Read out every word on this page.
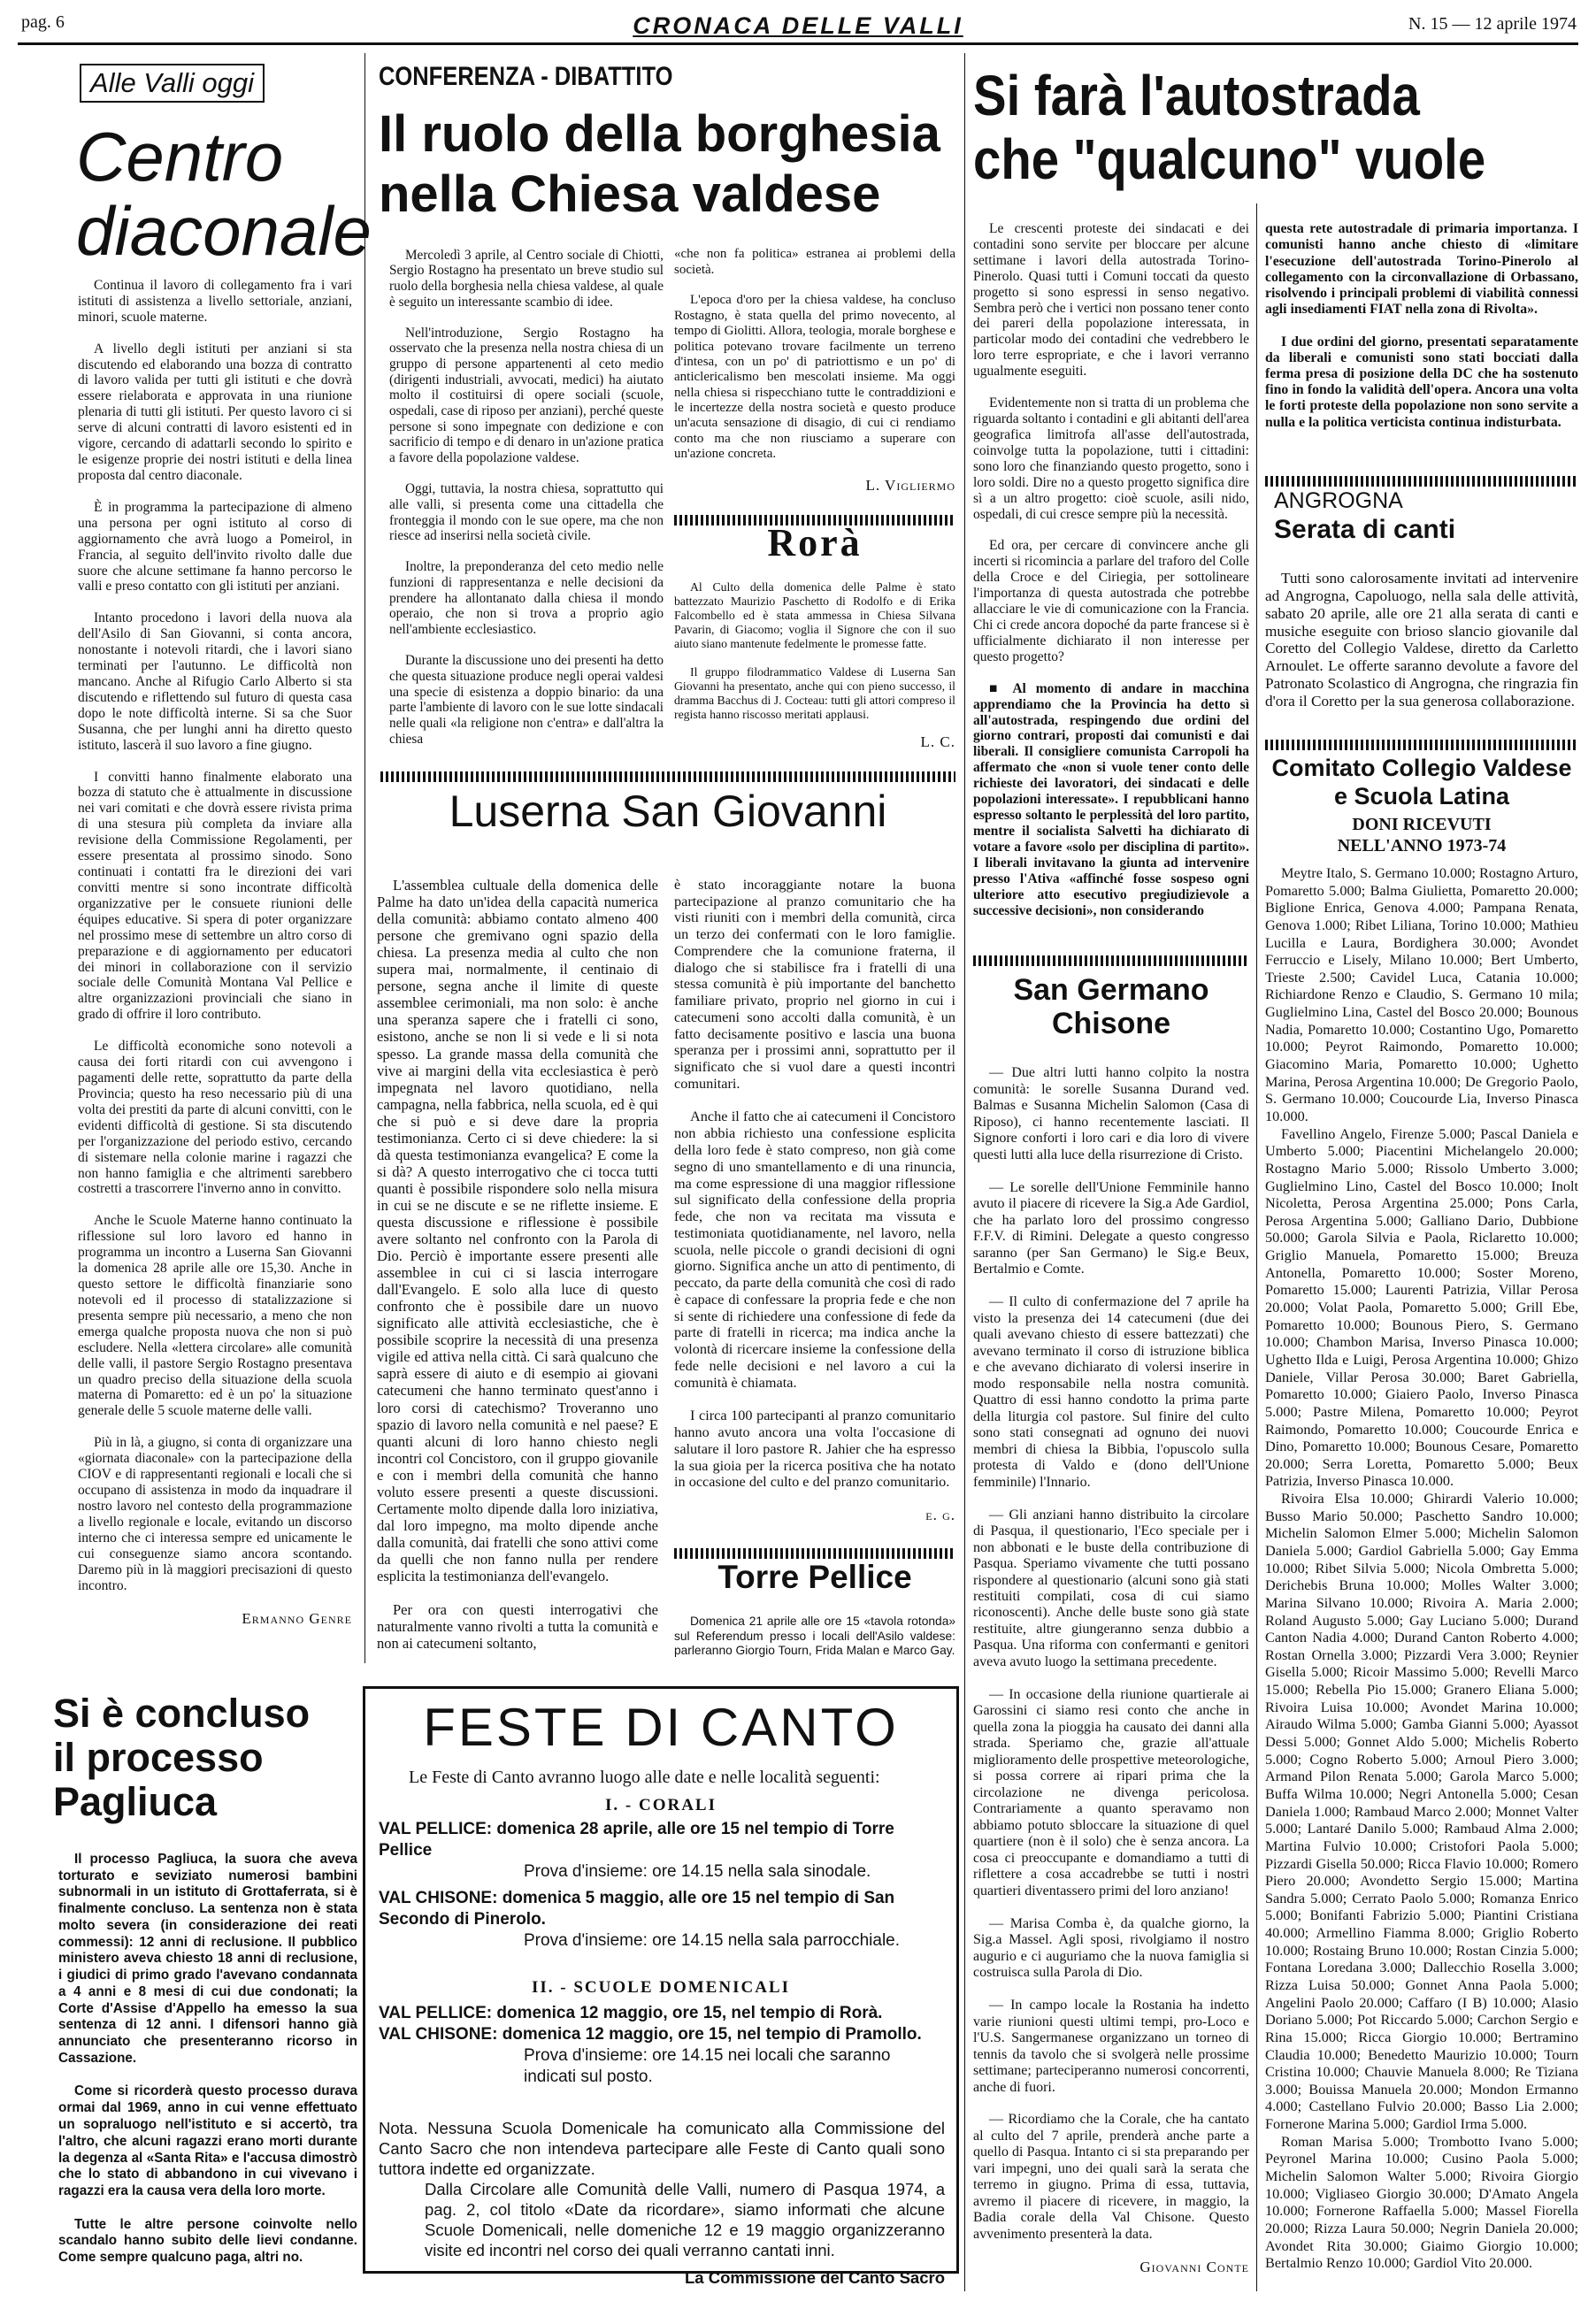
pag. 6	CRONACA DELLE VALLI	N. 15 — 12 aprile 1974
Alle Valli oggi
Centro
diaconale

Continua il lavoro di collegamento fra i vari istituti di assistenza a livello settoriale, anziani, minori, scuole materne.

A livello degli istituti per anziani si sta discutendo ed elaborando una bozza di contratto di lavoro valida per tutti gli istituti e che dovrà essere rielaborata e approvata in una riunione plenaria di tutti gli istituti. Per questo lavoro ci si serve di alcuni contratti di lavoro esistenti ed in vigore, cercando di adattarli secondo lo spirito e le esigenze proprie dei nostri istituti e della linea proposta dal centro diaconale.

È in programma la partecipazione di almeno una persona per ogni istituto al corso di aggiornamento che avrà luogo a Pomeirol, in Francia, al seguito dell'invito rivolto dalle due suore che alcune settimane fa hanno percorso le valli e preso contatto con gli istituti per anziani.

Intanto procedono i lavori della nuova ala dell'Asilo di San Giovanni, si conta ancora, nonostante i notevoli ritardi, che i lavori siano terminati per l'autunno. Le difficoltà non mancano. Anche al Rifugio Carlo Alberto si sta discutendo e riflettendo sul futuro di questa casa dopo le note difficoltà interne. Si sa che Suor Susanna, che per lunghi anni ha diretto questo istituto, lascerà il suo lavoro a fine giugno.

I convitti hanno finalmente elaborato una bozza di statuto che è attualmente in discussione nei vari comitati e che dovrà essere rivista prima di una stesura più completa da inviare alla revisione della Commissione Regolamenti, per essere presentata al prossimo sinodo. Sono continuati i contatti fra le direzioni dei vari convitti mentre si sono incontrate difficoltà organizzative per le consuete riunioni delle équipes educative. Si spera di poter organizzare nel prossimo mese di settembre un altro corso di preparazione e di aggiornamento per educatori dei minori in collaborazione con il servizio sociale delle Comunità Montana Val Pellice e altre organizzazioni provinciali che siano in grado di offrire il loro contributo.

Le difficoltà economiche sono notevoli a causa dei forti ritardi con cui avvengono i pagamenti delle rette, soprattutto da parte della Provincia; questo ha reso necessario più di una volta dei prestiti da parte di alcuni convitti, con le evidenti difficoltà di gestione. Si sta discutendo per l'organizzazione del periodo estivo, cercando di sistemare nella colonie marine i ragazzi che non hanno famiglia e che altrimenti sarebbero costretti a trascorrere l'inverno anno in convitto.

Anche le Scuole Materne hanno continuato la riflessione sul loro lavoro ed hanno in programma un incontro a Luserna San Giovanni la domenica 28 aprile alle ore 15,30. Anche in questo settore le difficoltà finanziarie sono notevoli ed il processo di statalizzazione si presenta sempre più necessario, a meno che non emerga qualche proposta nuova che non si può escludere. Nella «lettera circolare» alle comunità delle valli, il pastore Sergio Rostagno presentava un quadro preciso della situazione della scuola materna di Pomaretto: ed è un po' la situazione generale delle 5 scuole materne delle valli.

Più in là, a giugno, si conta di organizzare una «giornata diaconale» con la partecipazione della CIOV e di rappresentanti regionali e locali che si occupano di assistenza in modo da inquadrare il nostro lavoro nel contesto della programmazione a livello regionale e locale, evitando un discorso interno che ci interessa sempre ed unicamente le cui conseguenze siamo ancora scontando. Daremo più in là maggiori precisazioni di questo incontro.

Ermanno Genre

Si è concluso
il processo
Pagliuca

Il processo Pagliuca, la suora che aveva torturato e seviziato numerosi bambini subnormali in un istituto di Grottaferrata, si è finalmente concluso. La sentenza non è stata molto severa (in considerazione dei reati commessi): 12 anni di reclusione. Il pubblico ministero aveva chiesto 18 anni di reclusione, i giudici di primo grado l'avevano condannata a 4 anni e 8 mesi di cui due condonati; la Corte d'Assise d'Appello ha emesso la sua sentenza di 12 anni. I difensori hanno già annunciato che presenteranno ricorso in Cassazione.

Come si ricorderà questo processo durava ormai dal 1969, anno in cui venne effettuato un sopraluogo nell'istituto e si accertò, tra l'altro, che alcuni ragazzi erano morti durante la degenza al «Santa Rita» e l'accusa dimostrò che lo stato di abbandono in cui vivevano i ragazzi era la causa vera della loro morte.

Tutte le altre persone coinvolte nello scandalo hanno subito delle lievi condanne. Come sempre qualcuno paga, altri no.

CONFERENZA - DIBATTITO
Il ruolo della borghesia
nella Chiesa valdese

Mercoledì 3 aprile, al Centro sociale di Chiotti, Sergio Rostagno ha presentato un breve studio sul ruolo della borghesia nella chiesa valdese, al quale è seguito un interessante scambio di idee.

Nell'introduzione, Sergio Rostagno ha osservato che la presenza nella nostra chiesa di un gruppo di persone appartenenti al ceto medio (dirigenti industriali, avvocati, medici) ha aiutato molto il costituirsi di opere sociali (scuole, ospedali, case di riposo per anziani), perché queste persone si sono impegnate con dedizione e con sacrificio di tempo e di denaro in un'azione pratica a favore della popolazione valdese.

Oggi, tuttavia, la nostra chiesa, soprattutto qui alle valli, si presenta come una cittadella che fronteggia il mondo con le sue opere, ma che non riesce ad inserirsi nella società civile.

Inoltre, la preponderanza del ceto medio nelle funzioni di rappresentanza e nelle decisioni da prendere ha allontanato dalla chiesa il mondo operaio, che non si trova a proprio agio nell'ambiente ecclesiastico.

Durante la discussione uno dei presenti ha detto che questa situazione produce negli operai valdesi una specie di esistenza a doppio binario: da una parte l'ambiente di lavoro con le sue lotte sindacali nelle quali «la religione non c'entra» e dall'altra la chiesa

«che non fa politica» estranea ai problemi della società.

L'epoca d'oro per la chiesa valdese, ha concluso Rostagno, è stata quella del primo novecento, al tempo di Giolitti. Allora, teologia, morale borghese e politica potevano trovare facilmente un terreno d'intesa, con un po' di patriottismo e un po' di anticlericalismo ben mescolati insieme. Ma oggi nella chiesa si rispecchiano tutte le contraddizioni e le incertezze della nostra società e questo produce un'acuta sensazione di disagio, di cui ci rendiamo conto ma che non riusciamo a superare con un'azione concreta.

L. Vigliermo

Rorà

Al Culto della domenica delle Palme è stato battezzato Maurizio Paschetto di Rodolfo e di Erika Falcombello ed è stata ammessa in Chiesa Silvana Pavarin, di Giacomo; voglia il Signore che con il suo aiuto siano mantenute fedelmente le promesse fatte.

Il gruppo filodrammatico Valdese di Luserna San Giovanni ha presentato, anche qui con pieno successo, il dramma Bacchus di J. Cocteau: tutti gli attori compreso il regista hanno riscosso meritati applausi.

L. C.

Luserna San Giovanni

L'assemblea cultuale della domenica delle Palme ha dato un'idea della capacità numerica della comunità: abbiamo contato almeno 400 persone che gremivano ogni spazio della chiesa. La presenza media al culto che non supera mai, normalmente, il centinaio di persone, segna anche il limite di queste assemblee cerimoniali, ma non solo: è anche una speranza sapere che i fratelli ci sono, esistono, anche se non li si vede e li si nota spesso. La grande massa della comunità che vive ai margini della vita ecclesiastica è però impegnata nel lavoro quotidiano, nella campagna, nella fabbrica, nella scuola, ed è qui che si può e si deve dare la propria testimonianza. Certo ci si deve chiedere: la si dà questa testimonianza evangelica? E come la si dà? A questo interrogativo che ci tocca tutti quanti è possibile rispondere solo nella misura in cui se ne discute e se ne riflette insieme. E questa discussione e riflessione è possibile avere soltanto nel confronto con la Parola di Dio. Perciò è importante essere presenti alle assemblee in cui ci si lascia interrogare dall'Evangelo. E solo alla luce di questo confronto che è possibile dare un nuovo significato alle attività ecclesiastiche, che è possibile scoprire la necessità di una presenza vigile ed attiva nella città. Ci sarà qualcuno che saprà essere di aiuto e di esempio ai giovani catecumeni che hanno terminato quest'anno i loro corsi di catechismo? Troveranno uno spazio di lavoro nella comunità e nel paese? E quanti alcuni di loro hanno chiesto negli incontri col Concistoro, con il gruppo giovanile e con i membri della comunità che hanno voluto essere presenti a queste discussioni. Certamente molto dipende dalla loro iniziativa, dal loro impegno, ma molto dipende anche dalla comunità, dai fratelli che sono attivi come da quelli che non fanno nulla per rendere esplicita la testimonianza dell'evangelo.

Per ora con questi interrogativi che naturalmente vanno rivolti a tutta la comunità e non ai catecumeni soltanto,

è stato incoraggiante notare la buona partecipazione al pranzo comunitario che ha visti riuniti con i membri della comunità, circa un terzo dei confermati con le loro famiglie. Comprendere che la comunione fraterna, il dialogo che si stabilisce fra i fratelli di una stessa comunità è più importante del banchetto familiare privato, proprio nel giorno in cui i catecumeni sono accolti dalla comunità, è un fatto decisamente positivo e lascia una buona speranza per i prossimi anni, soprattutto per il significato che si vuol dare a questi incontri comunitari.

Anche il fatto che ai catecumeni il Concistoro non abbia richiesto una confessione esplicita della loro fede è stato compreso, non già come segno di uno smantellamento e di una rinuncia, ma come espressione di una maggior riflessione sul significato della confessione della propria fede, che non va recitata ma vissuta e testimoniata quotidianamente, nel lavoro, nella scuola, nelle piccole o grandi decisioni di ogni giorno. Significa anche un atto di pentimento, di peccato, da parte della comunità che così di rado è capace di confessare la propria fede e che non si sente di richiedere una confessione di fede da parte di fratelli in ricerca; ma indica anche la volontà di ricercare insieme la confessione della fede nelle decisioni e nel lavoro a cui la comunità è chiamata.

I circa 100 partecipanti al pranzo comunitario hanno avuto ancora una volta l'occasione di salutare il loro pastore R. Jahier che ha espresso la sua gioia per la ricerca positiva che ha notato in occasione del culto e del pranzo comunitario.

e. g.

Torre Pellice

Domenica 21 aprile alle ore 15 «tavola rotonda» sul Referendum presso i locali dell'Asilo valdese: parleranno Giorgio Tourn, Frida Malan e Marco Gay.

FESTE DI CANTO
Le Feste di Canto avranno luogo alle date e nelle località seguenti:
I. - CORALI
VAL PELLICE: domenica 28 aprile, alle ore 15 nel tempio di Torre Pellice
Prova d'insieme: ore 14.15 nella sala sinodale.
VAL CHISONE: domenica 5 maggio, alle ore 15 nel tempio di San Secondo di Pinerolo.
Prova d'insieme: ore 14.15 nella sala parrocchiale.
II. - SCUOLE DOMENICALI
VAL PELLICE: domenica 12 maggio, ore 15, nel tempio di Rorà.
VAL CHISONE: domenica 12 maggio, ore 15, nel tempio di Pramollo.
Prova d'insieme: ore 14.15 nei locali che saranno indicati sul posto.
Nota. Nessuna Scuola Domenicale ha comunicato alla Commissione del Canto Sacro che non intendeva partecipare alle Feste di Canto quali sono tuttora indette ed organizzate.
Dalla Circolare alle Comunità delle Valli, numero di Pasqua 1974, a pag. 2, col titolo «Date da ricordare», siamo informati che alcune Scuole Domenicali, nelle domeniche 12 e 19 maggio organizzeranno visite ed incontri nel corso dei quali verranno cantati inni.
La Commissione del Canto Sacro
Si farà l'autostrada
che "qualcuno" vuole

Le crescenti proteste dei sindacati e dei contadini sono servite per bloccare per alcune settimane i lavori della autostrada Torino-Pinerolo. Quasi tutti i Comuni toccati da questo progetto si sono espressi in senso negativo. Sembra però che i vertici non possano tener conto dei pareri della popolazione interessata, in particolar modo dei contadini che vedrebbero le loro terre espropriate, e che i lavori verranno ugualmente eseguiti.

Evidentemente non si tratta di un problema che riguarda soltanto i contadini e gli abitanti dell'area geografica limitrofa all'asse dell'autostrada, coinvolge tutta la popolazione, tutti i cittadini: sono loro che finanziando questo progetto, sono i loro soldi. Dire no a questo progetto significa dire sì a un altro progetto: cioè scuole, asili nido, ospedali, di cui cresce sempre più la necessità.

Ed ora, per cercare di convincere anche gli incerti si ricomincia a parlare del traforo del Colle della Croce e del Ciriegia, per sottolineare l'importanza di questa autostrada che potrebbe allacciare le vie di comunicazione con la Francia. Chi ci crede ancora dopoché da parte francese si è ufficialmente dichiarato il non interesse per questo progetto?

■ Al momento di andare in macchina apprendiamo che la Provincia ha detto sì all'autostrada, respingendo due ordini del giorno contrari, proposti dai comunisti e dai liberali. Il consigliere comunista Carropoli ha affermato che «non si vuole tener conto delle richieste dei lavoratori, dei sindacati e delle popolazioni interessate». I repubblicani hanno espresso soltanto le perplessità del loro partito, mentre il socialista Salvetti ha dichiarato di votare a favore «solo per disciplina di partito». I liberali invitavano la giunta ad intervenire presso l'Ativa «affinché fosse sospeso ogni ulteriore atto esecutivo pregiudizievole a successive decisioni», non considerando

questa rete autostradale di primaria importanza. I comunisti hanno anche chiesto di «limitare l'esecuzione dell'autostrada Torino-Pinerolo al collegamento con la circonvallazione di Orbassano, risolvendo i principali problemi di viabilità connessi agli insediamenti FIAT nella zona di Rivolta».

I due ordini del giorno, presentati separatamente da liberali e comunisti sono stati bocciati dalla ferma presa di posizione della DC che ha sostenuto fino in fondo la validità dell'opera. Ancora una volta le forti proteste della popolazione non sono servite a nulla e la politica verticista continua indisturbata.

ANGROGNA
Serata di canti

Tutti sono calorosamente invitati ad intervenire ad Angrogna, Capoluogo, nella sala delle attività, sabato 20 aprile, alle ore 21 alla serata di canti e musiche eseguite con brioso slancio giovanile dal Coretto del Collegio Valdese, diretto da Carletto Arnoulet. Le offerte saranno devolute a favore del Patronato Scolastico di Angrogna, che ringrazia fin d'ora il Coretto per la sua generosa collaborazione.

San Germano
Chisone

— Due altri lutti hanno colpito la nostra comunità: le sorelle Susanna Durand ved. Balmas e Susanna Michelin Salomon (Casa di Riposo), ci hanno recentemente lasciati. Il Signore conforti i loro cari e dia loro di vivere questi lutti alla luce della risurrezione di Cristo.

— Le sorelle dell'Unione Femminile hanno avuto il piacere di ricevere la Sig.a Ade Gardiol, che ha parlato loro del prossimo congresso F.F.V. di Rimini. Delegate a questo congresso saranno (per San Germano) le Sig.e Beux, Bertalmio e Comte.

— Il culto di confermazione del 7 aprile ha visto la presenza dei 14 catecumeni (due dei quali avevano chiesto di essere battezzati) che avevano terminato il corso di istruzione biblica e che avevano dichiarato di volersi inserire in modo responsabile nella nostra comunità. Quattro di essi hanno condotto la prima parte della liturgia col pastore. Sul finire del culto sono stati consegnati ad ognuno dei nuovi membri di chiesa la Bibbia, l'opuscolo sulla protesta di Valdo e (dono dell'Unione femminile) l'Innario.

— Gli anziani hanno distribuito la circolare di Pasqua, il questionario, l'Eco speciale per i non abbonati e le buste della contribuzione di Pasqua. Speriamo vivamente che tutti possano rispondere al questionario (alcuni sono già stati restituiti compilati, cosa di cui siamo riconoscenti). Anche delle buste sono già state restituite, altre giungeranno senza dubbio a Pasqua. Una riforma con confermanti e genitori aveva avuto luogo la settimana precedente.

— In occasione della riunione quartierale ai Garossini ci siamo resi conto che anche in quella zona la pioggia ha causato dei danni alla strada. Speriamo che, grazie all'attuale miglioramento delle prospettive meteorologiche, si possa correre ai ripari prima che la circolazione ne divenga pericolosa. Contrariamente a quanto speravamo non abbiamo potuto sbloccare la situazione di quel quartiere (non è il solo) che è senza ancora. La cosa ci preoccupante e domandiamo a tutti di riflettere a cosa accadrebbe se tutti i nostri quartieri diventassero primi del loro anziano!

— Marisa Comba è, da qualche giorno, la Sig.a Massel. Agli sposi, rivolgiamo il nostro augurio e ci auguriamo che la nuova famiglia si costruisca sulla Parola di Dio.

— In campo locale la Rostania ha indetto varie riunioni questi ultimi tempi, pro-Loco e l'U.S. Sangermanese organizzano un torneo di tennis da tavolo che si svolgerà nelle prossime settimane; parteciperanno numerosi concorrenti, anche di fuori.

— Ricordiamo che la Corale, che ha cantato al culto del 7 aprile, prenderà anche parte a quello di Pasqua. Intanto ci si sta preparando per vari impegni, uno dei quali sarà la serata che terremo in giugno. Prima di essa, tuttavia, avremo il piacere di ricevere, in maggio, la Badia corale della Val Chisone. Questo avvenimento presenterà la data.

Giovanni Conte

Comitato Collegio Valdese
e Scuola Latina
DONI RICEVUTI
NELL'ANNO 1973-74

Meytre Italo, S. Germano 10.000; Rostagno Arturo, Pomaretto 5.000; Balma Giulietta, Pomaretto 20.000; Biglione Enrica, Genova 4.000; Pampana Renata, Genova 1.000; Ribet Liliana, Torino 10.000; Mathieu Lucilla e Laura, Bordighera 30.000; Avondet Ferruccio e Lisely, Milano 10.000; Bert Umberto, Trieste 2.500; Cavidel Luca, Catania 10.000; Richiardone Renzo e Claudio, S. Germano 10 mila; Guglielmino Lina, Castel del Bosco 20.000; Bounous Nadia, Pomaretto 10.000; Costantino Ugo, Pomaretto 10.000; Peyrot Raimondo, Pomaretto 10.000; Giacomino Maria, Pomaretto 10.000; Ughetto Marina, Perosa Argentina 10.000; De Gregorio Paolo, S. Germano 10.000; Coucourde Lia, Inverso Pinasca 10.000.

Favellino Angelo, Firenze 5.000; Pascal Daniela e Umberto 5.000; Piacentini Michelangelo 20.000; Rostagno Mario 5.000; Rissolo Umberto 3.000; Guglielmino Lino, Castel del Bosco 10.000; Inolt Nicoletta, Perosa Argentina 25.000; Pons Carla, Perosa Argentina 5.000; Galliano Dario, Dubbione 50.000; Garola Silvia e Paola, Riclaretto 10.000; Griglio Manuela, Pomaretto 15.000; Breuza Antonella, Pomaretto 10.000; Soster Moreno, Pomaretto 15.000; Laurenti Patrizia, Villar Perosa 20.000; Volat Paola, Pomaretto 5.000; Grill Ebe, Pomaretto 10.000; Bounous Piero, S. Germano 10.000; Chambon Marisa, Inverso Pinasca 10.000; Ughetto Ilda e Luigi, Perosa Argentina 10.000; Ghizo Daniele, Villar Perosa 30.000; Baret Gabriella, Pomaretto 10.000; Giaiero Paolo, Inverso Pinasca 5.000; Pastre Milena, Pomaretto 10.000; Peyrot Raimondo, Pomaretto 10.000; Coucourde Enrica e Dino, Pomaretto 10.000; Bounous Cesare, Pomaretto 20.000; Serra Loretta, Pomaretto 5.000; Beux Patrizia, Inverso Pinasca 10.000.

Rivoira Elsa 10.000; Ghirardi Valerio 10.000; Busso Mario 50.000; Paschetto Sandro 10.000; Michelin Salomon Elmer 5.000; Michelin Salomon Daniela 5.000; Gardiol Gabriella 5.000; Gay Emma 10.000; Ribet Silvia 5.000; Nicola Ombretta 5.000; Derichebis Bruna 10.000; Molles Walter 3.000; Marina Silvano 10.000; Rivoira A. Maria 2.000; Roland Augusto 5.000; Gay Luciano 5.000; Durand Canton Nadia 4.000; Durand Canton Roberto 4.000; Rostan Ornella 3.000; Pizzardi Vera 3.000; Reynier Gisella 5.000; Ricoir Massimo 5.000; Revelli Marco 15.000; Rebella Pio 15.000; Granero Eliana 5.000; Rivoira Luisa 10.000; Avondet Marina 10.000; Airaudo Wilma 5.000; Gamba Gianni 5.000; Ayassot Dessi 5.000; Gonnet Aldo 5.000; Michelis Roberto 5.000; Cogno Roberto 5.000; Arnoul Piero 3.000; Armand Pilon Renata 5.000; Garola Marco 5.000; Buffa Wilma 10.000; Negri Antonella 5.000; Cesan Daniela 1.000; Rambaud Marco 2.000; Monnet Valter 5.000; Lantaré Danilo 5.000; Rambaud Alma 2.000; Martina Fulvio 10.000; Cristofori Paola 5.000; Pizzardi Gisella 50.000; Ricca Flavio 10.000; Romero Piero 20.000; Avondetto Sergio 15.000; Martina Sandra 5.000; Cerrato Paolo 5.000; Romanza Enrico 5.000; Bonifanti Fabrizio 5.000; Piantini Cristiana 40.000; Armellino Fiamma 8.000; Griglio Roberto 10.000; Rostaing Bruno 10.000; Rostan Cinzia 5.000; Fontana Loredana 3.000; Dallecchio Rosella 3.000; Rizza Luisa 50.000; Gonnet Anna Paola 5.000; Angelini Paolo 20.000; Caffaro (I B) 10.000; Alasio Doriano 5.000; Pot Riccardo 5.000; Carchon Sergio e Rina 15.000; Ricca Giorgio 10.000; Bertramino Claudia 10.000; Benedetto Maurizio 10.000; Tourn Cristina 10.000; Chauvie Manuela 8.000; Re Tiziana 3.000; Bouissa Manuela 20.000; Mondon Ermanno 4.000; Castellano Fulvio 20.000; Basso Lia 2.000; Fornerone Marina 5.000; Gardiol Irma 5.000.

Roman Marisa 5.000; Trombotto Ivano 5.000; Peyronel Marina 10.000; Cusino Paola 5.000; Michelin Salomon Walter 5.000; Rivoira Giorgio 10.000; Vigliaseo Giorgio 30.000; D'Amato Angela 10.000; Fornerone Raffaella 5.000; Massel Fiorella 20.000; Rizza Laura 50.000; Negrin Daniela 20.000; Avondet Rita 30.000; Giaimo Giorgio 10.000; Bertalmio Renzo 10.000; Gardiol Vito 20.000.
